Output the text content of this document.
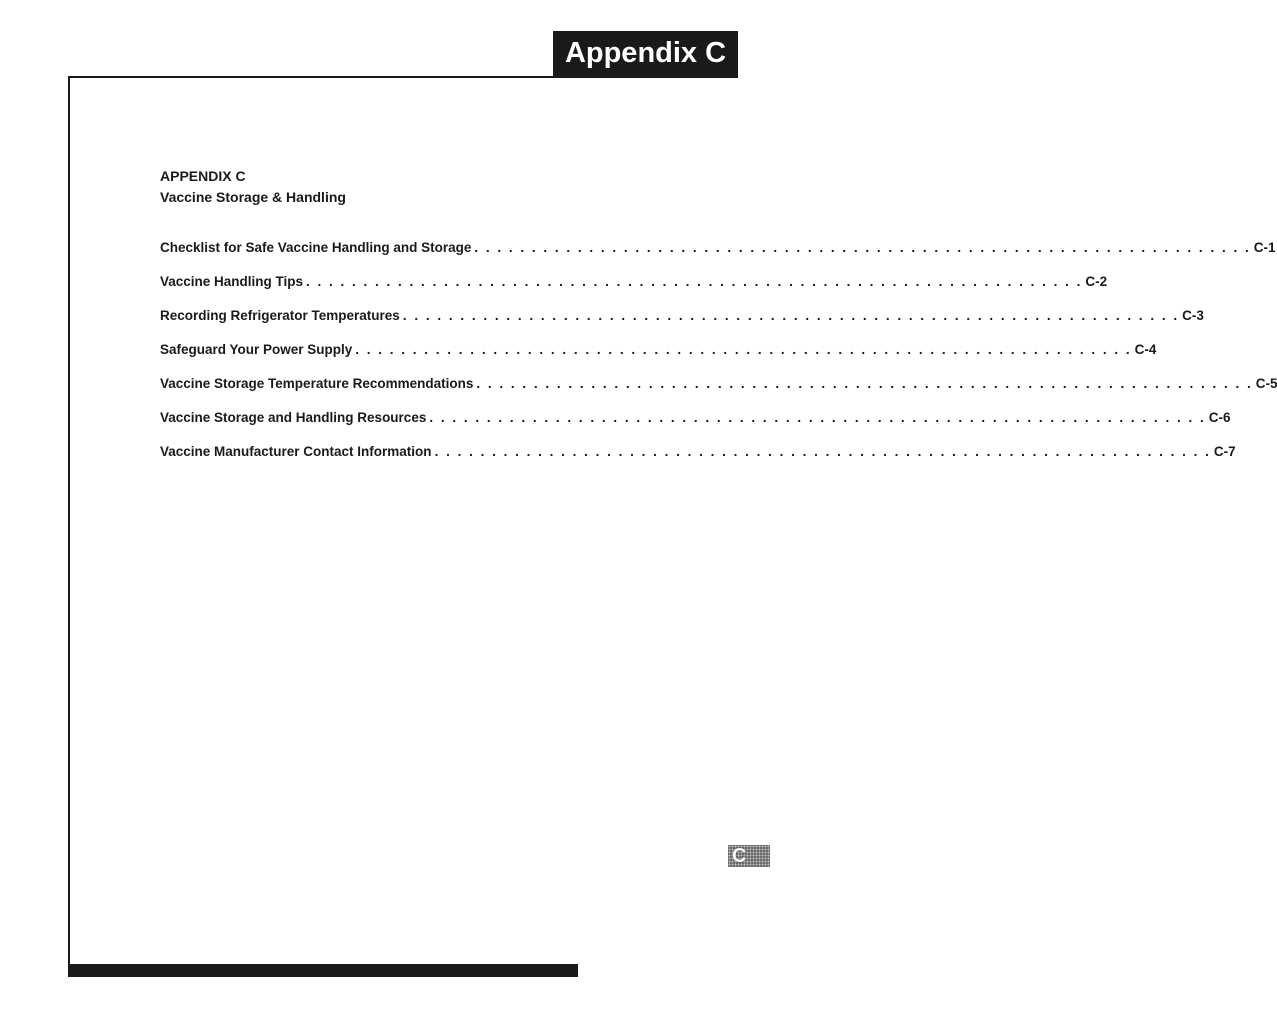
Appendix C
APPENDIX C
Vaccine Storage & Handling
Checklist for Safe Vaccine Handling and Storage . . . . . . . . . . . . . . . . . . . . . . . . . . . . . . . . . . . . . . . . . . . . . . . . . . . . . . . . . . . . . . . . . . . . C-1
Vaccine Handling Tips . . . . . . . . . . . . . . . . . . . . . . . . . . . . . . . . . . . . . . . . . . . . . . . . . . . . . . . . . . . . . . . . . . . . C-2
Recording Refrigerator Temperatures . . . . . . . . . . . . . . . . . . . . . . . . . . . . . . . . . . . . . . . . . . . . . . . . . . . . . . . . . . . . . . . . . . . . C-3
Safeguard Your Power Supply . . . . . . . . . . . . . . . . . . . . . . . . . . . . . . . . . . . . . . . . . . . . . . . . . . . . . . . . . . . . . . . . . . . . C-4
Vaccine Storage Temperature Recommendations . . . . . . . . . . . . . . . . . . . . . . . . . . . . . . . . . . . . . . . . . . . . . . . . . . . . . . . . . . . . . . . . . . . . C-5
Vaccine Storage and Handling Resources . . . . . . . . . . . . . . . . . . . . . . . . . . . . . . . . . . . . . . . . . . . . . . . . . . . . . . . . . . . . . . . . . . . . C-6
Vaccine Manufacturer Contact Information . . . . . . . . . . . . . . . . . . . . . . . . . . . . . . . . . . . . . . . . . . . . . . . . . . . . . . . . . . . . . . . . . . . . C-7
C
